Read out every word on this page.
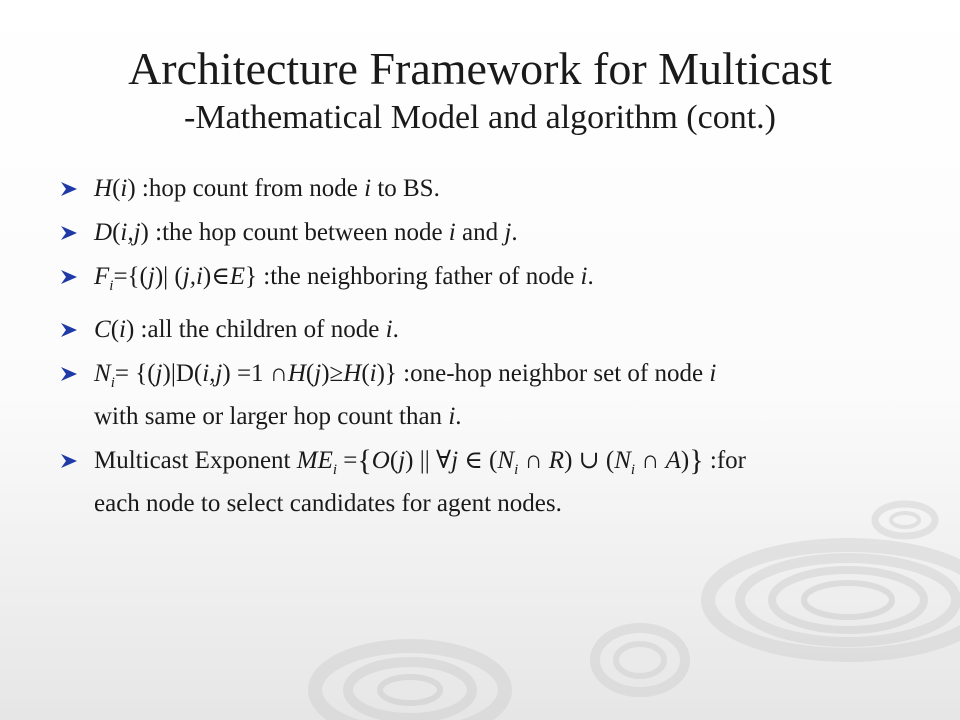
Architecture Framework for Multicast
-Mathematical Model and algorithm (cont.)
H(i) :hop count from node i to BS.
D(i,j) :the hop count between node i and j.
$F_i=\{(j)|$ (j,i)∈E} :the neighboring father of node i.
C(i) :all the children of node i.
$N_i= \{(j)|D(i,j) =1$ ∩H(j)≥H(i)} :one-hop neighbor set of node i
with same or larger hop count than i.
Multicast Exponent $ME_i =\{O(j)$ || ∀j ∈ ($N_i$ ∩ R) ∪ ($N_i$ ∩ A)} :for
each node to select candidates for agent nodes.
